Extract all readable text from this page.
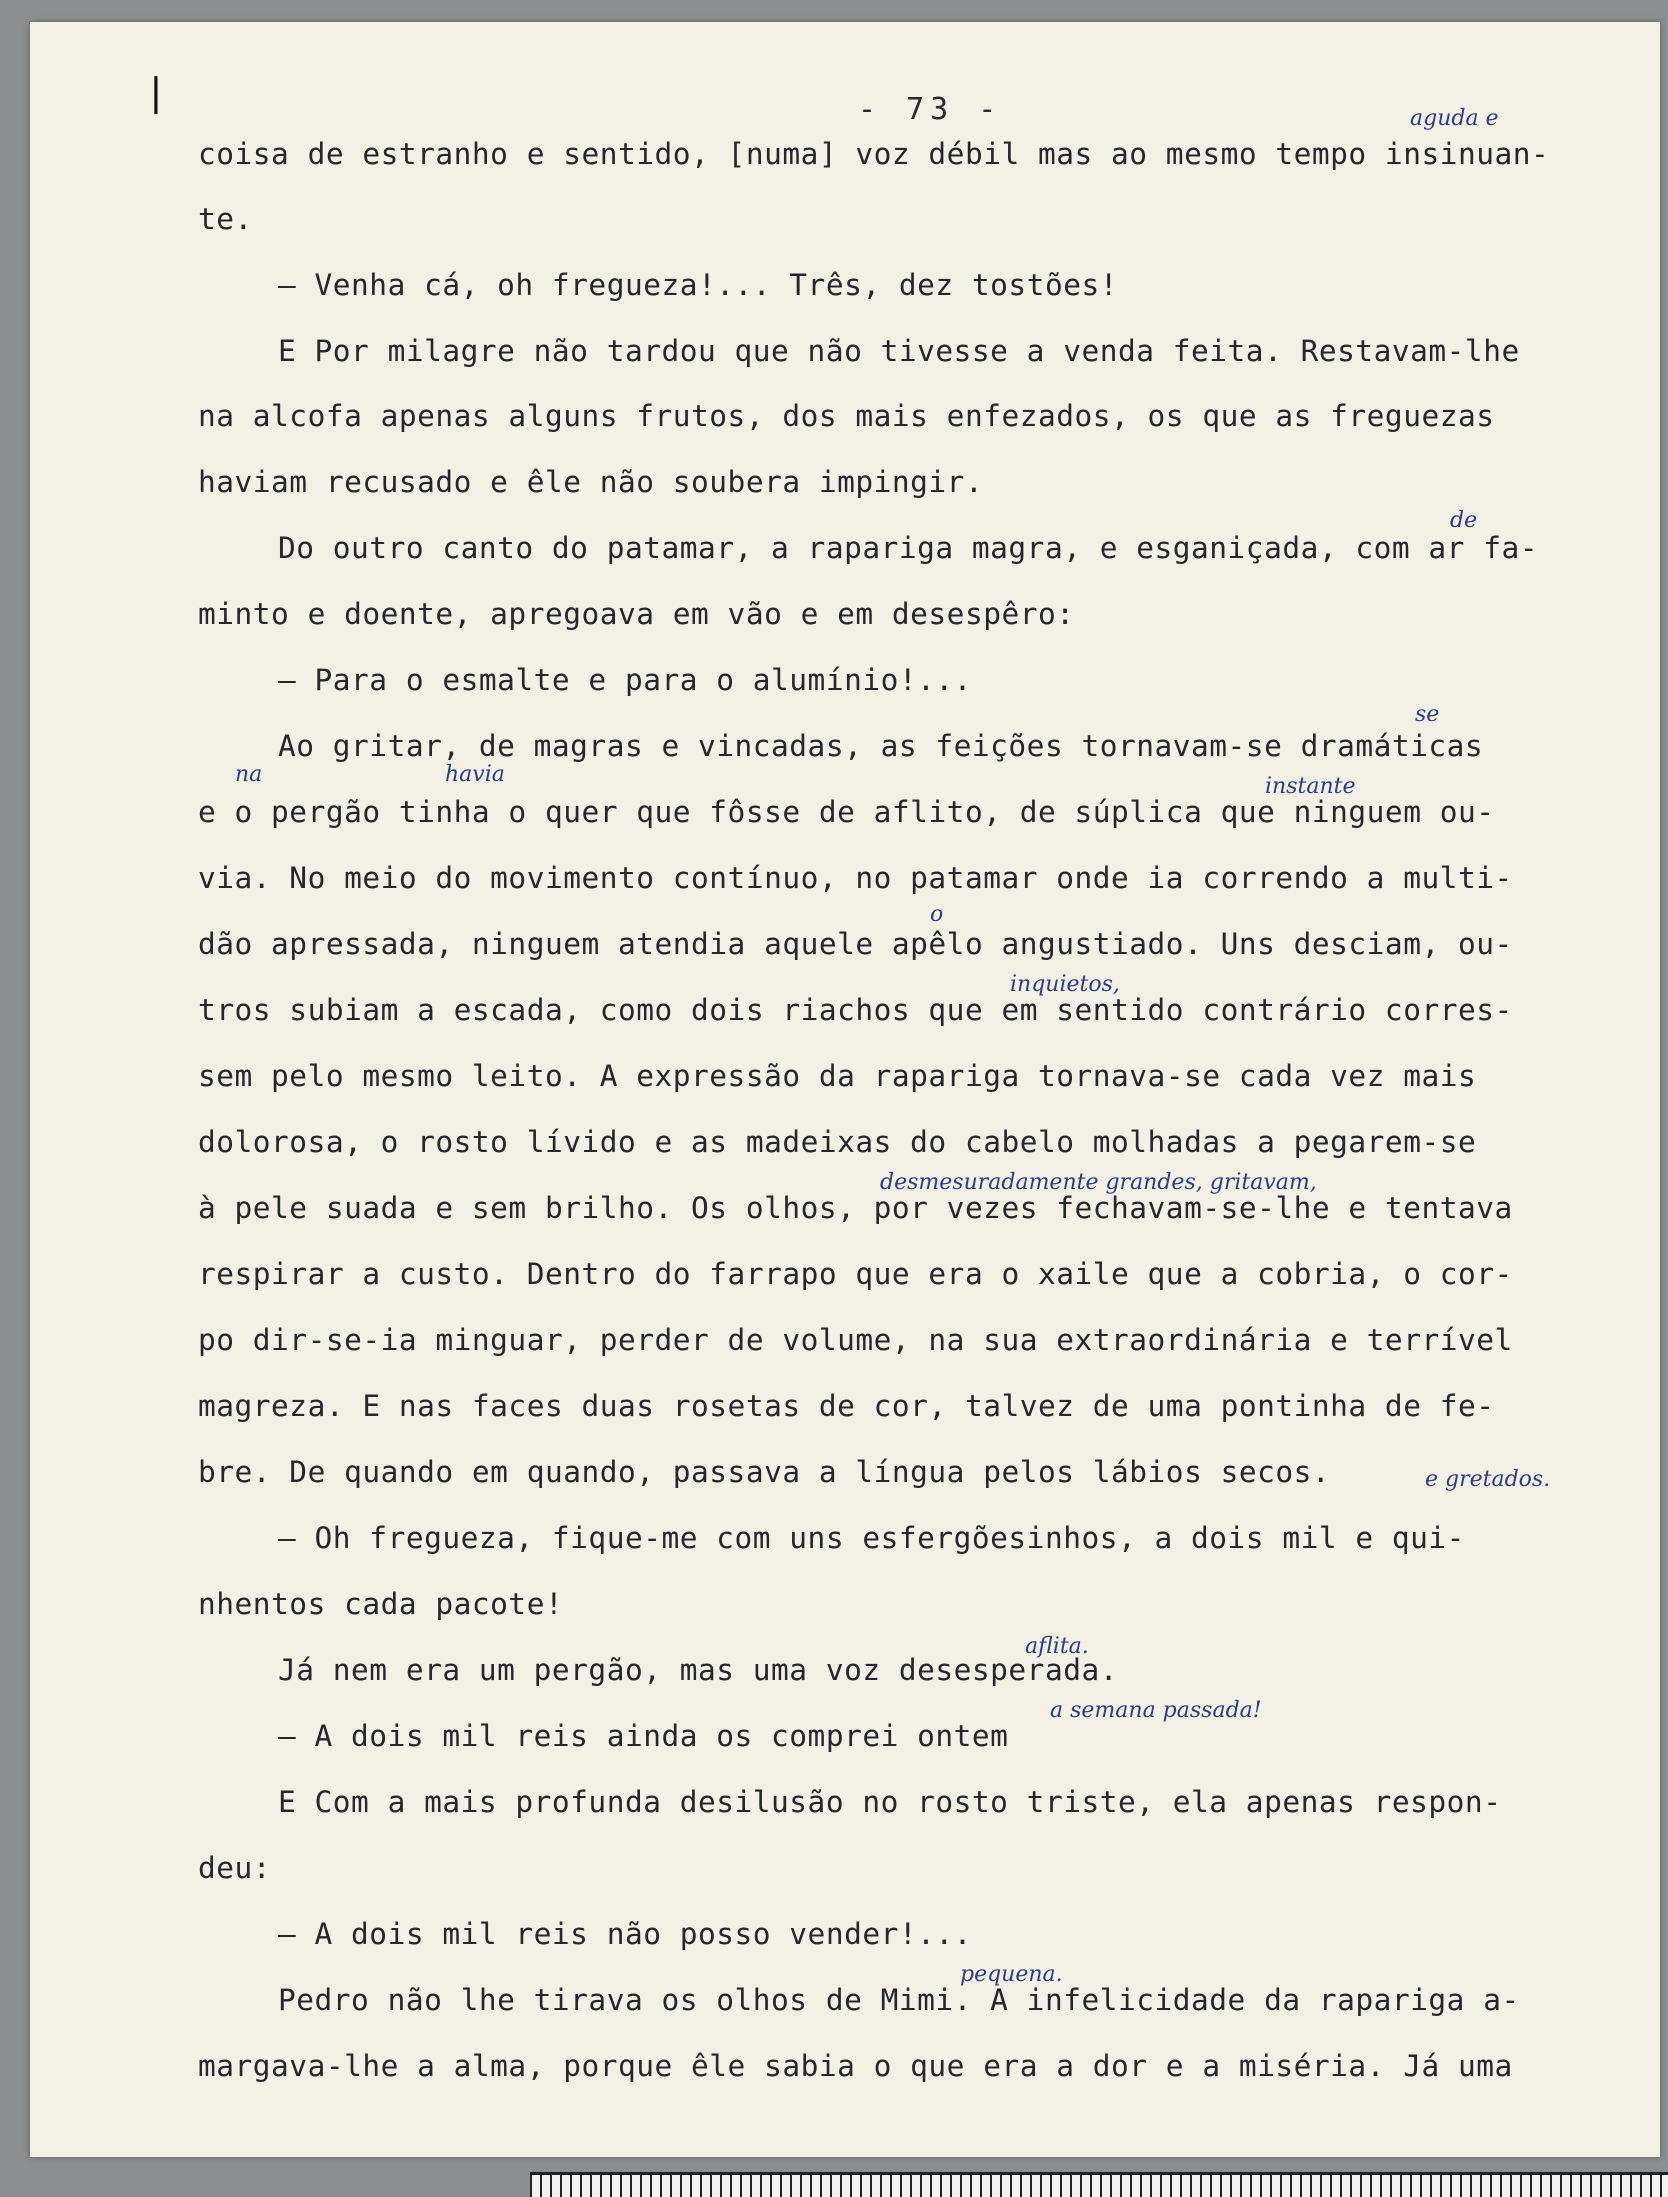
- 73 -
❘
aguda e
de
se
na	havia	instante
o
inquietos,
desmesuradamente grandes, gritavam,
e gretados.
aflita.
a semana passada!
pequena.
coisa de estranho e sentido, [numa] voz débil mas ao mesmo tempo insinuan-
te.
— Venha cá, oh fregueza!... Três, dez tostões!
E Por milagre não tardou que não tivesse a venda feita. Restavam-lhe
na alcofa apenas alguns frutos, dos mais enfezados, os que as freguezas
haviam recusado e êle não soubera impingir.
Do outro canto do patamar, a rapariga magra, e esganiçada, com ar fa-
minto e doente, apregoava em vão e em desespêro:
— Para o esmalte e para o alumínio!...
Ao gritar, de magras e vincadas, as feições tornavam-se dramáticas
e o pergão tinha o quer que fôsse de aflito, de súplica que ninguem ou-
via. No meio do movimento contínuo, no patamar onde ia correndo a multi-
dão apressada, ninguem atendia aquele apêlo angustiado. Uns desciam, ou-
tros subiam a escada, como dois riachos que em sentido contrário corres-
sem pelo mesmo leito. A expressão da rapariga tornava-se cada vez mais
dolorosa, o rosto lívido e as madeixas do cabelo molhadas a pegarem-se
à pele suada e sem brilho. Os olhos, por vezes fechavam-se-lhe e tentava
respirar a custo. Dentro do farrapo que era o xaile que a cobria, o cor-
po dir-se-ia minguar, perder de volume, na sua extraordinária e terrível
magreza. E nas faces duas rosetas de cor, talvez de uma pontinha de fe-
bre. De quando em quando, passava a língua pelos lábios secos.
— Oh fregueza, fique-me com uns esfergõesinhos, a dois mil e qui-
nhentos cada pacote!
Já nem era um pergão, mas uma voz desesperada.
— A dois mil reis ainda os comprei ontem
E Com a mais profunda desilusão no rosto triste, ela apenas respon-
deu:
— A dois mil reis não posso vender!...
Pedro não lhe tirava os olhos de Mimi. A infelicidade da rapariga a-
margava-lhe a alma, porque êle sabia o que era a dor e a miséria. Já uma
